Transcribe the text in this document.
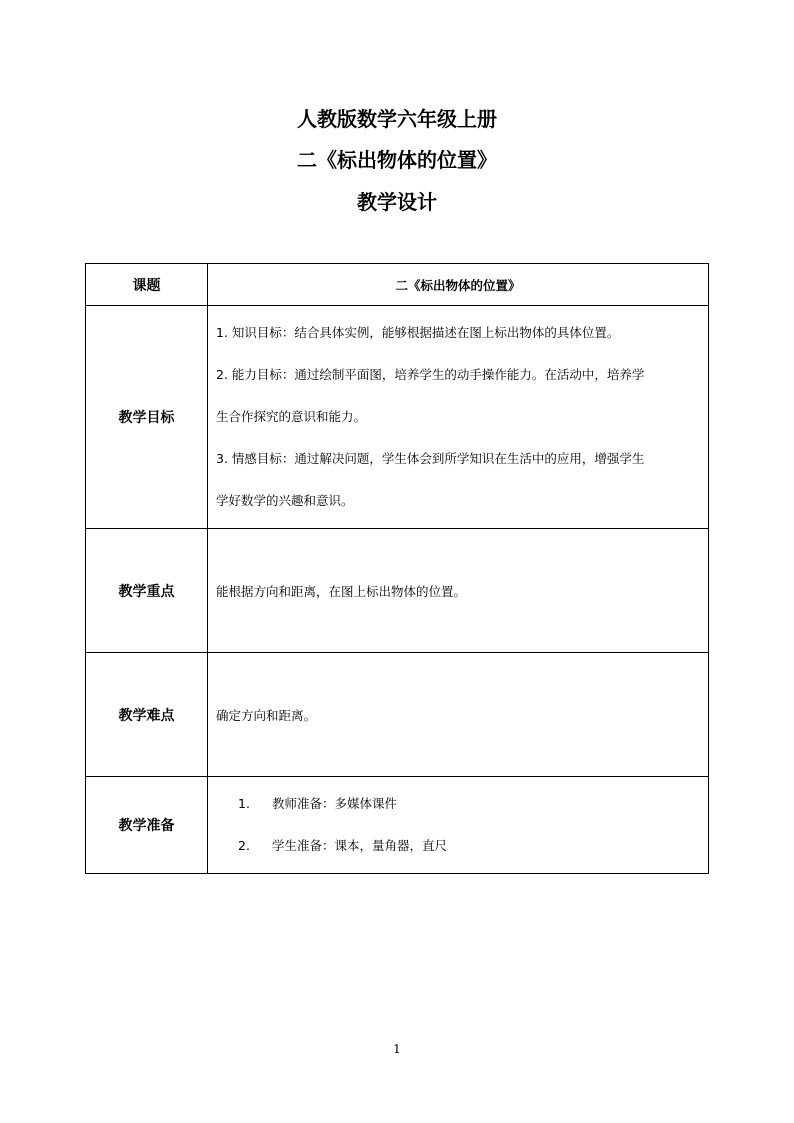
人教版数学六年级上册
二《标出物体的位置》
教学设计
课题	二《标出物体的位置》
教学目标	1. 知识目标：结合具体实例，能够根据描述在图上标出物体的具体位置。

2. 能力目标：通过绘制平面图，培养学生的动手操作能力。在活动中，培养学

生合作探究的意识和能力。

3. 情感目标：通过解决问题，学生体会到所学知识在生活中的应用，增强学生

学好数学的兴趣和意识。

教学重点	能根据方向和距离，在图上标出物体的位置。

教学难点	确定方向和距离。

教学准备	1. 教师准备：多媒体课件
2. 学生准备：课本，量角器，直尺
1
